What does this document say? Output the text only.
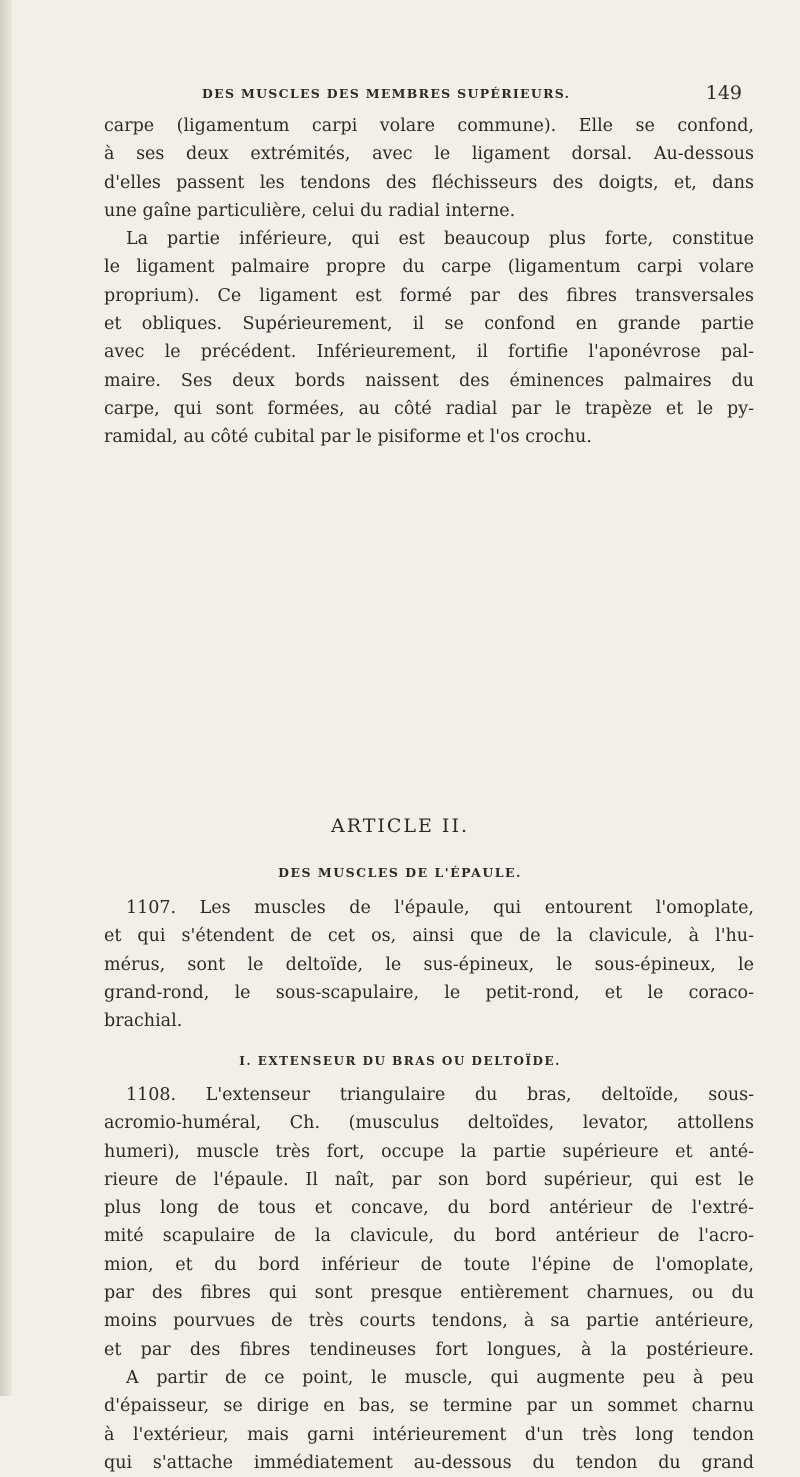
DES MUSCLES DES MEMBRES SUPÉRIEURS.	149
carpe (ligamentum carpi volare commune). Elle se confond,
à ses deux extrémités, avec le ligament dorsal. Au-dessous
d'elles passent les tendons des fléchisseurs des doigts, et, dans
une gaîne particulière, celui du radial interne.
La partie inférieure, qui est beaucoup plus forte, constitue
le ligament palmaire propre du carpe (ligamentum carpi volare
proprium). Ce ligament est formé par des fibres transversales
et obliques. Supérieurement, il se confond en grande partie
avec le précédent. Inférieurement, il fortifie l'aponévrose pal-
maire. Ses deux bords naissent des éminences palmaires du
carpe, qui sont formées, au côté radial par le trapèze et le py-
ramidal, au côté cubital par le pisiforme et l'os crochu.
ARTICLE II.
DES MUSCLES DE L'ÉPAULE.
1107. Les muscles de l'épaule, qui entourent l'omoplate,
et qui s'étendent de cet os, ainsi que de la clavicule, à l'hu-
mérus, sont le deltoïde, le sus-épineux, le sous-épineux, le
grand-rond, le sous-scapulaire, le petit-rond, et le coraco-
brachial.
I. EXTENSEUR DU BRAS OU DELTOÏDE.
1108. L'extenseur triangulaire du bras, deltoïde, sous-
acromio-huméral, Ch. (musculus deltoïdes, levator, attollens
humeri), muscle très fort, occupe la partie supérieure et anté-
rieure de l'épaule. Il naît, par son bord supérieur, qui est le
plus long de tous et concave, du bord antérieur de l'extré-
mité scapulaire de la clavicule, du bord antérieur de l'acro-
mion, et du bord inférieur de toute l'épine de l'omoplate,
par des fibres qui sont presque entièrement charnues, ou du
moins pourvues de très courts tendons, à sa partie antérieure,
et par des fibres tendineuses fort longues, à la postérieure.
A partir de ce point, le muscle, qui augmente peu à peu
d'épaisseur, se dirige en bas, se termine par un sommet charnu
à l'extérieur, mais garni intérieurement d'un très long tendon
qui s'attache immédiatement au-dessous du tendon du grand
